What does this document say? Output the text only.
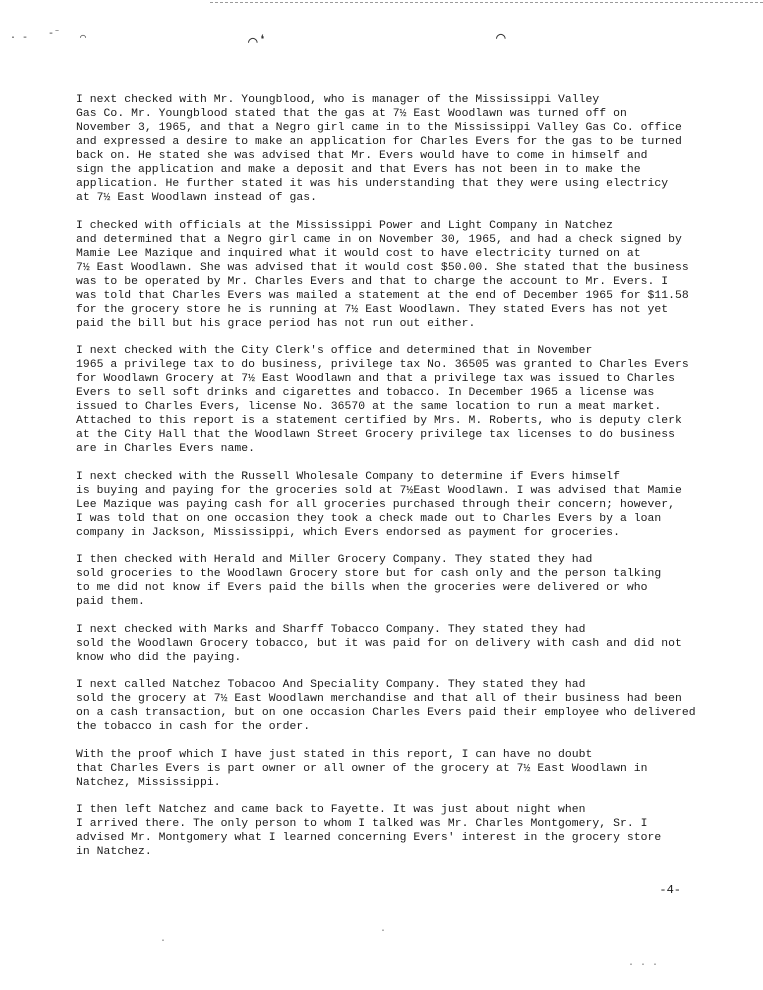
· - -⁻ ⌒	⌒❛	⌒

I next checked with Mr. Youngblood, who is manager of the Mississippi Valley
Gas Co. Mr. Youngblood stated that the gas at 7½ East Woodlawn was turned off on
November 3, 1965, and that a Negro girl came in to the Mississippi Valley Gas Co. office
and expressed a desire to make an application for Charles Evers for the gas to be turned
back on. He stated she was advised that Mr. Evers would have to come in himself and
sign the application and make a deposit and that Evers has not been in to make the
application. He further stated it was his understanding that they were using electricy
at 7½ East Woodlawn instead of gas.

I checked with officials at the Mississippi Power and Light Company in Natchez
and determined that a Negro girl came in on November 30, 1965, and had a check signed by
Mamie Lee Mazique and inquired what it would cost to have electricity turned on at
7½ East Woodlawn. She was advised that it would cost $50.00. She stated that the business
was to be operated by Mr. Charles Evers and that to charge the account to Mr. Evers. I
was told that Charles Evers was mailed a statement at the end of December 1965 for $11.58
for the grocery store he is running at 7½ East Woodlawn. They stated Evers has not yet
paid the bill but his grace period has not run out either.

I next checked with the City Clerk's office and determined that in November
1965 a privilege tax to do business, privilege tax No. 36505 was granted to Charles Evers
for Woodlawn Grocery at 7½ East Woodlawn and that a privilege tax was issued to Charles
Evers to sell soft drinks and cigarettes and tobacco. In December 1965 a license was
issued to Charles Evers, license No. 36570 at the same location to run a meat market.
Attached to this report is a statement certified by Mrs. M. Roberts, who is deputy clerk
at the City Hall that the Woodlawn Street Grocery privilege tax licenses to do business
are in Charles Evers name.

I next checked with the Russell Wholesale Company to determine if Evers himself
is buying and paying for the groceries sold at 7½East Woodlawn. I was advised that Mamie
Lee Mazique was paying cash for all groceries purchased through their concern; however,
I was told that on one occasion they took a check made out to Charles Evers by a loan
company in Jackson, Mississippi, which Evers endorsed as payment for groceries.

I then checked with Herald and Miller Grocery Company. They stated they had
sold groceries to the Woodlawn Grocery store but for cash only and the person talking
to me did not know if Evers paid the bills when the groceries were delivered or who
paid them.

I next checked with Marks and Sharff Tobacco Company. They stated they had
sold the Woodlawn Grocery tobacco, but it was paid for on delivery with cash and did not
know who did the paying.

I next called Natchez Tobacoo And Speciality Company. They stated they had
sold the grocery at 7½ East Woodlawn merchandise and that all of their business had been
on a cash transaction, but on one occasion Charles Evers paid their employee who delivered
the tobacco in cash for the order.

With the proof which I have just stated in this report, I can have no doubt
that Charles Evers is part owner or all owner of the grocery at 7½ East Woodlawn in
Natchez, Mississippi.

I then left Natchez and came back to Fayette. It was just about night when
I arrived there. The only person to whom I talked was Mr. Charles Montgomery, Sr. I
advised Mr. Montgomery what I learned concerning Evers' interest in the grocery store
in Natchez.

-4-
· · ·
·
·
